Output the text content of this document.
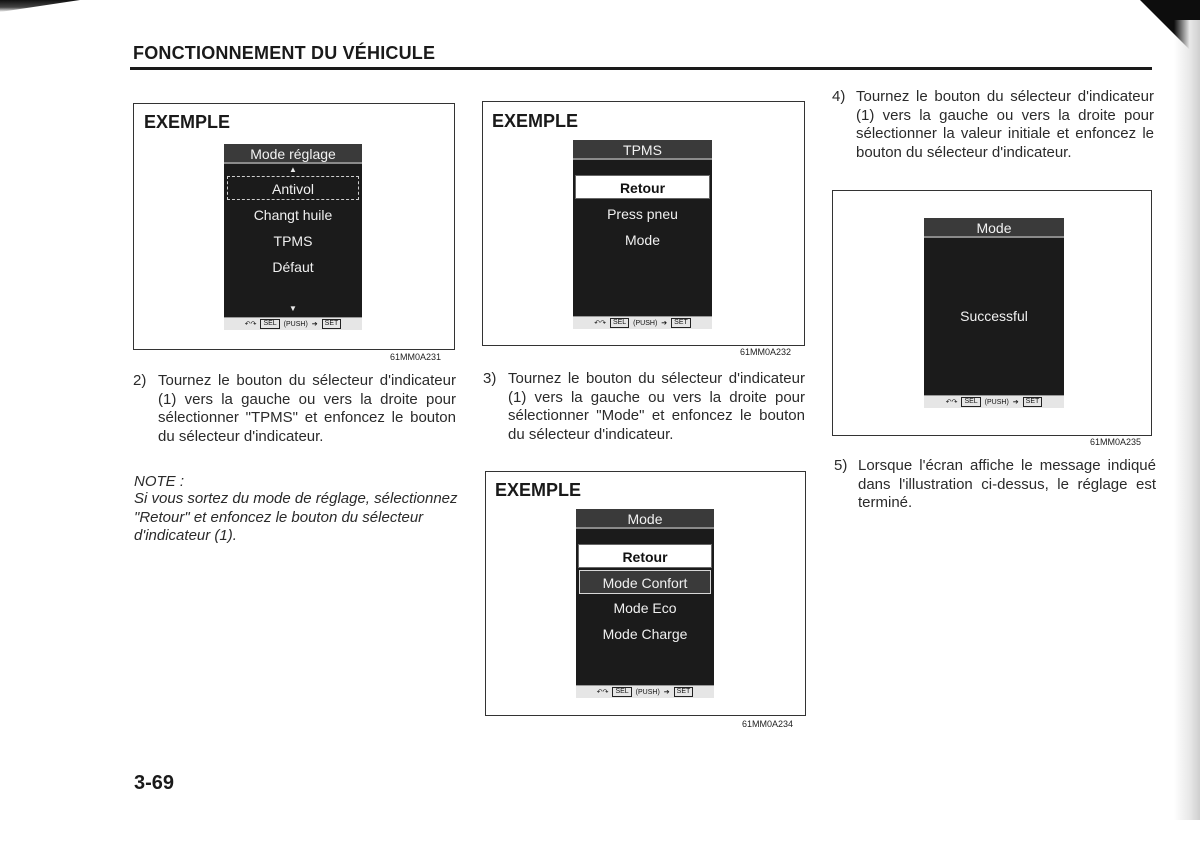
FONCTIONNEMENT DU VÉHICULE
EXEMPLE
Mode réglage
▲
Antivol
Changt huile
TPMS
Défaut
▼
↶↷	SEL	(PUSH) ➔	SET
61MM0A231
EXEMPLE
TPMS
Retour
Press pneu
Mode
↶↷	SEL	(PUSH) ➔	SET
61MM0A232
EXEMPLE
Mode
Retour
Mode Confort
Mode Eco
Mode Charge
↶↷	SEL	(PUSH) ➔	SET
61MM0A234
Mode
Successful
↶↷	SEL	(PUSH) ➔	SET
61MM0A235
2) Tournez le bouton du sélecteur d'indicateur (1) vers la gauche ou vers la droite pour sélectionner "TPMS" et enfoncez le bouton du sélecteur d'indicateur.
NOTE :
Si vous sortez du mode de réglage, sélectionnez "Retour" et enfoncez le bouton du sélecteur d'indicateur (1).
3) Tournez le bouton du sélecteur d'indicateur (1) vers la gauche ou vers la droite pour sélectionner "Mode" et enfoncez le bouton du sélecteur d'indicateur.
4) Tournez le bouton du sélecteur d'indicateur (1) vers la gauche ou vers la droite pour sélectionner la valeur initiale et enfoncez le bouton du sélecteur d'indicateur.
5) Lorsque l'écran affiche le message indiqué dans l'illustration ci-dessus, le réglage est terminé.
3-69
